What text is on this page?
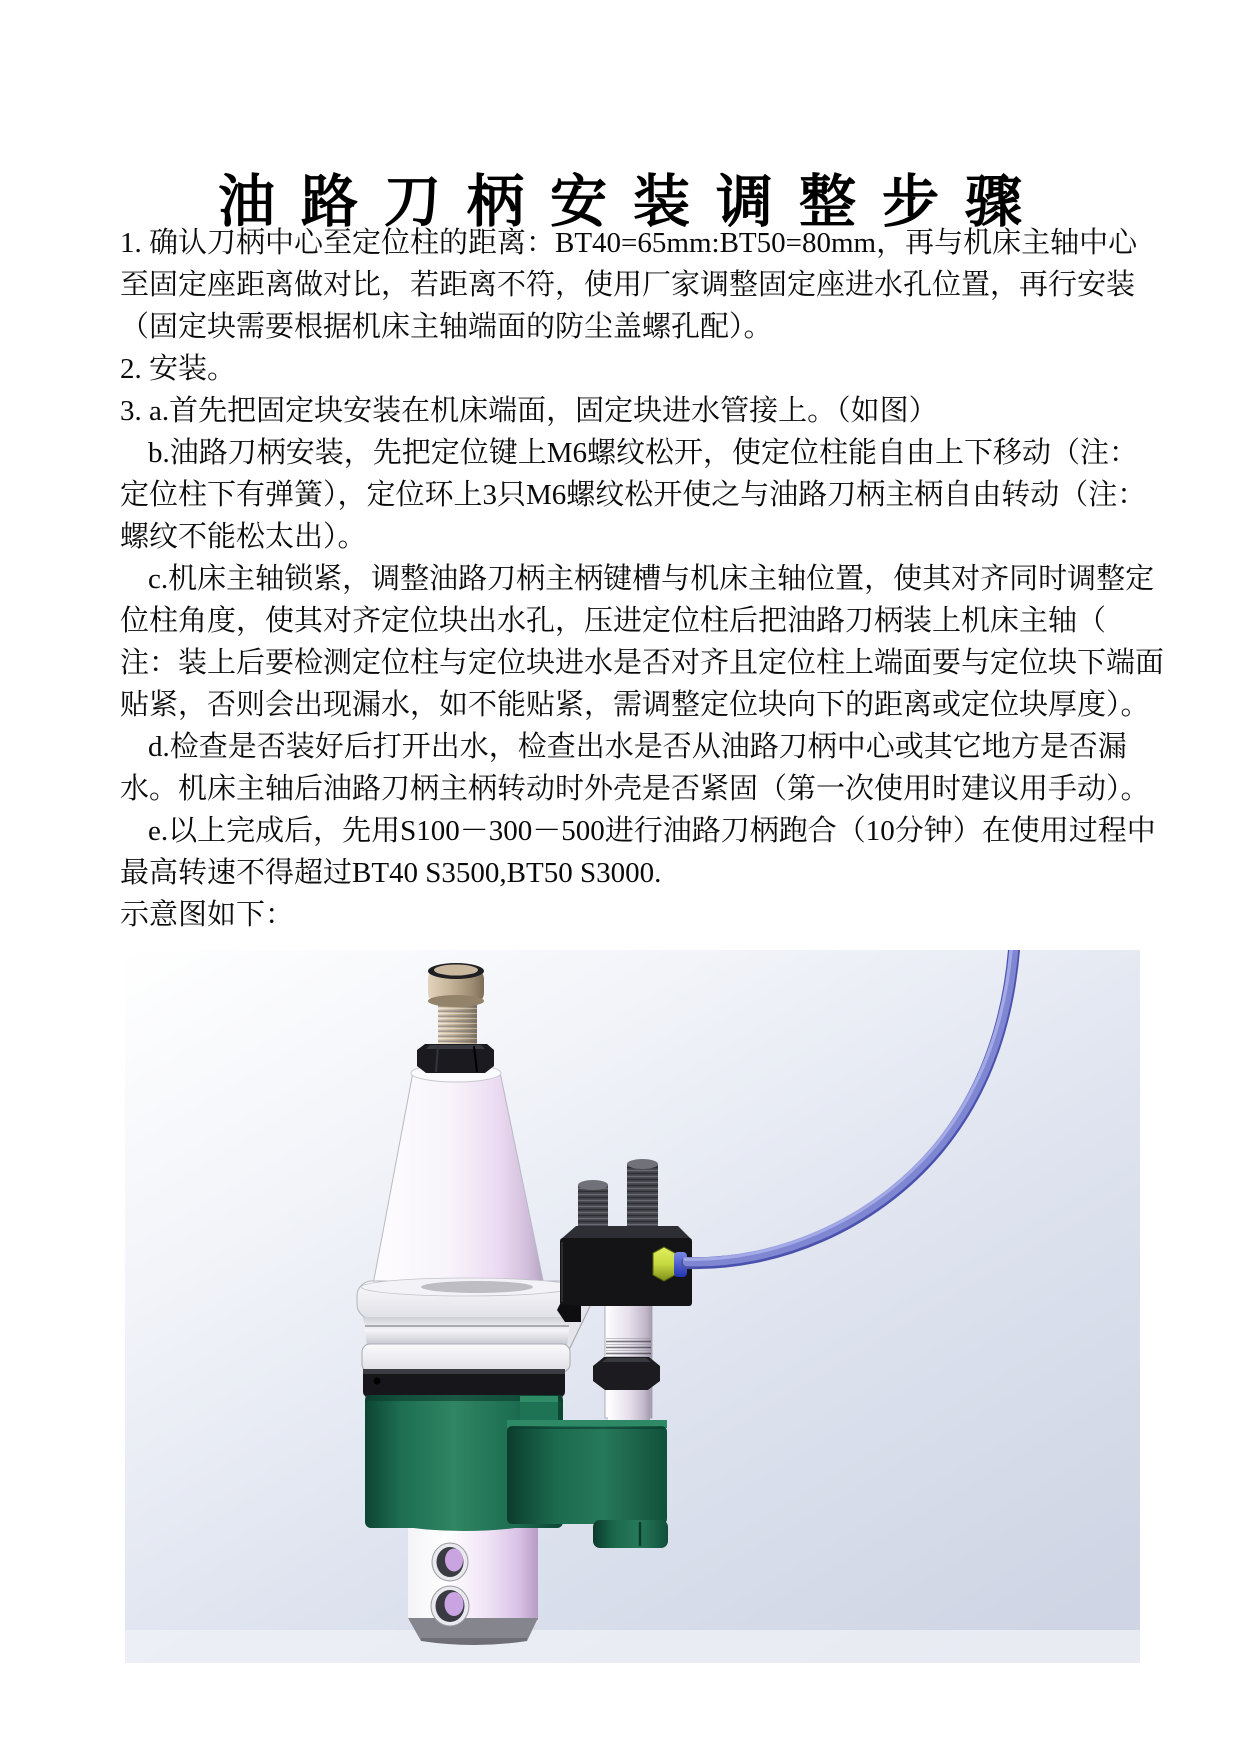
油路刀柄安装调整步骤
1. 确认刀柄中心至定位柱的距离：BT40=65mm:BT50=80mm，再与机床主轴中心
至固定座距离做对比，若距离不符，使用厂家调整固定座进水孔位置，再行安装
（固定块需要根据机床主轴端面的防尘盖螺孔配）。
2. 安装。
3. a.首先把固定块安装在机床端面，固定块进水管接上。（如图）
b.油路刀柄安装，先把定位键上M6螺纹松开，使定位柱能自由上下移动（注：
定位柱下有弹簧），定位环上3只M6螺纹松开使之与油路刀柄主柄自由转动（注：
螺纹不能松太出）。
c.机床主轴锁紧，调整油路刀柄主柄键槽与机床主轴位置，使其对齐同时调整定
位柱角度，使其对齐定位块出水孔，压进定位柱后把油路刀柄装上机床主轴（
注：装上后要检测定位柱与定位块进水是否对齐且定位柱上端面要与定位块下端面
贴紧，否则会出现漏水，如不能贴紧，需调整定位块向下的距离或定位块厚度）。
d.检查是否装好后打开出水，检查出水是否从油路刀柄中心或其它地方是否漏
水。机床主轴后油路刀柄主柄转动时外壳是否紧固（第一次使用时建议用手动）。
e.以上完成后，先用S100－300－500进行油路刀柄跑合（10分钟）在使用过程中
最高转速不得超过BT40 S3500,BT50 S3000.
示意图如下：
